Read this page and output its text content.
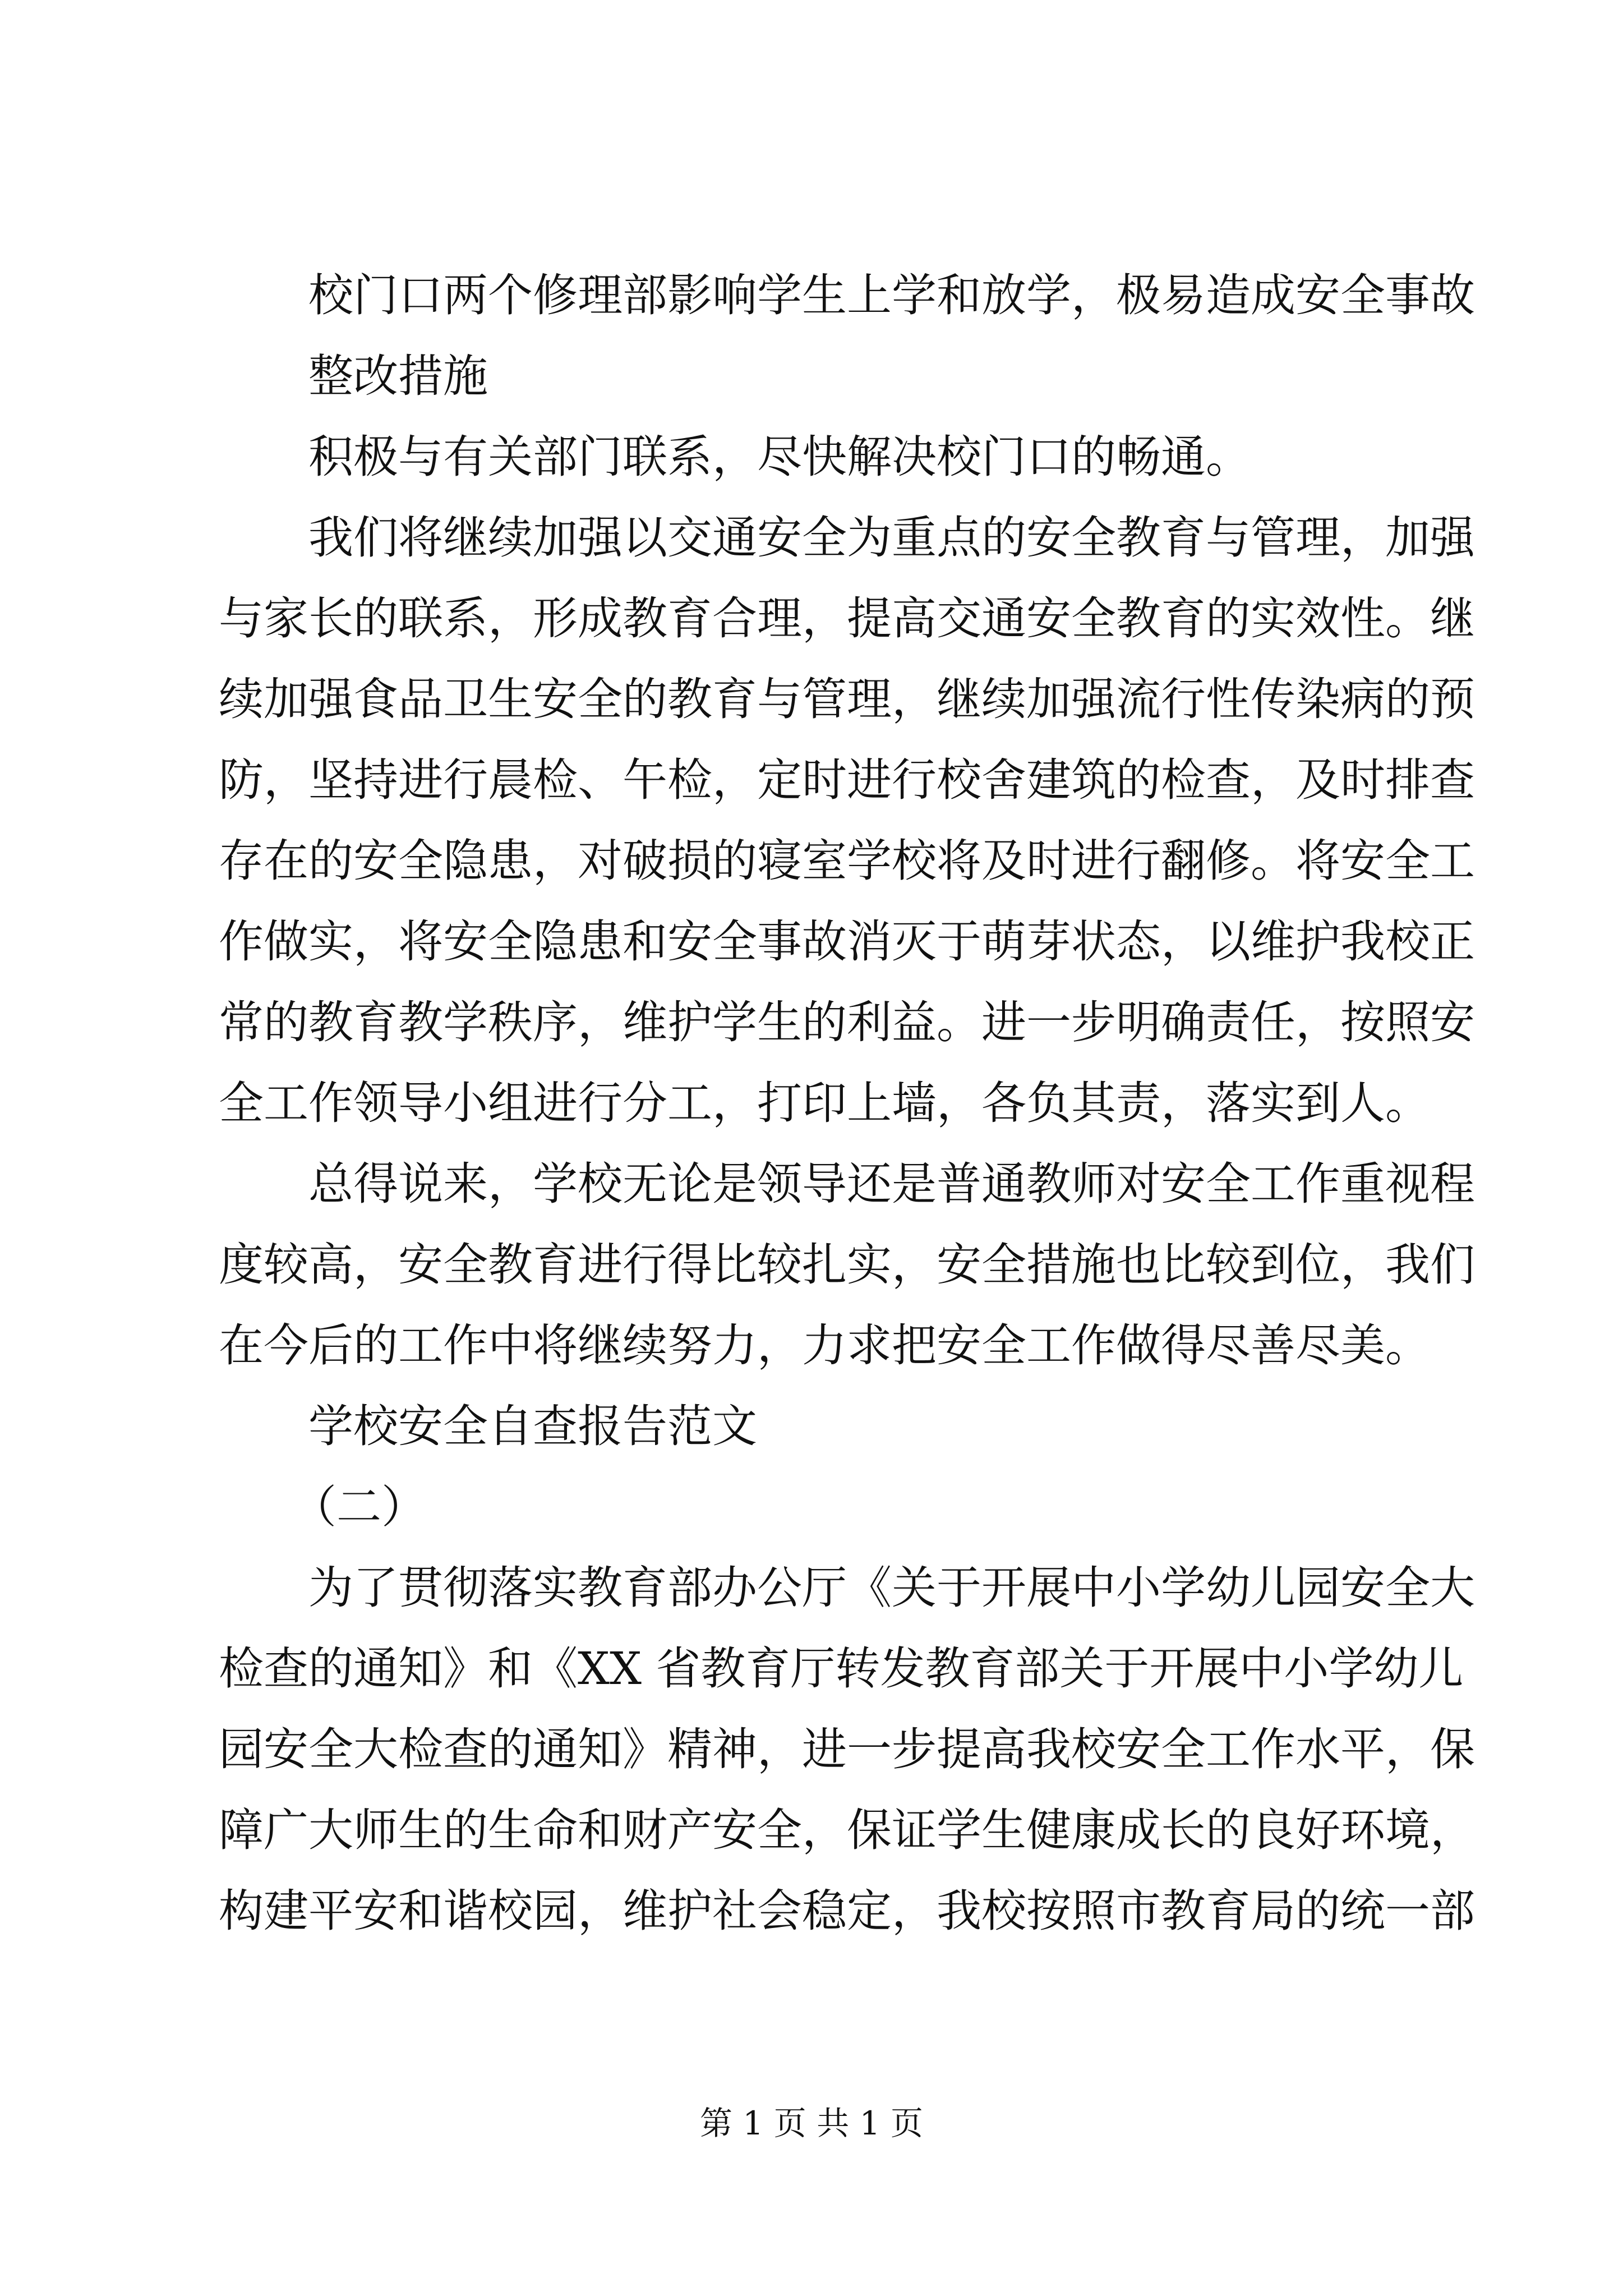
校门口两个修理部影响学生上学和放学，极易造成安全事故
整改措施
积极与有关部门联系，尽快解决校门口的畅通。
我们将继续加强以交通安全为重点的安全教育与管理，加强
与家长的联系，形成教育合理，提高交通安全教育的实效性。继
续加强食品卫生安全的教育与管理，继续加强流行性传染病的预
防，坚持进行晨检、午检，定时进行校舍建筑的检查，及时排查
存在的安全隐患，对破损的寝室学校将及时进行翻修。将安全工
作做实，将安全隐患和安全事故消灭于萌芽状态，以维护我校正
常的教育教学秩序，维护学生的利益。进一步明确责任，按照安
全工作领导小组进行分工，打印上墙，各负其责，落实到人。
总得说来，学校无论是领导还是普通教师对安全工作重视程
度较高，安全教育进行得比较扎实，安全措施也比较到位，我们
在今后的工作中将继续努力，力求把安全工作做得尽善尽美。
学校安全自查报告范文
（二）
为了贯彻落实教育部办公厅《关于开展中小学幼儿园安全大
检查的通知》和《XX 省教育厅转发教育部关于开展中小学幼儿
园安全大检查的通知》精神，进一步提高我校安全工作水平，保
障广大师生的生命和财产安全，保证学生健康成长的良好环境，
构建平安和谐校园，维护社会稳定，我校按照市教育局的统一部
第 1 页 共 1 页
